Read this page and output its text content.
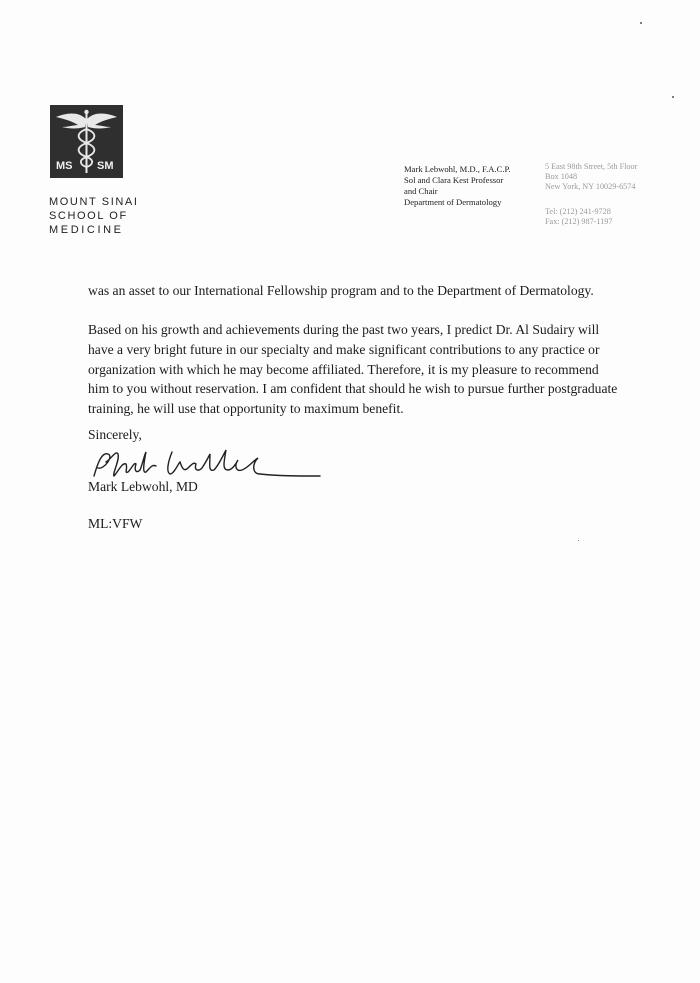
MS SM
MOUNT SINAI
SCHOOL OF
MEDICINE
Mark Lebwohl, M.D., F.A.C.P.
Sol and Clara Kest Professor
and Chair
Department of Dermatology
5 East 98th Street, 5th Floor
Box 1048
New York, NY 10029-6574
Tel: (212) 241-9728
Fax: (212) 987-1197
was an asset to our International Fellowship program and to the Department of Dermatology.
Based on his growth and achievements during the past two years, I predict Dr. Al Sudairy will
have a very bright future in our specialty and make significant contributions to any practice or
organization with which he may become affiliated. Therefore, it is my pleasure to recommend
him to you without reservation. I am confident that should he wish to pursue further postgraduate
training, he will use that opportunity to maximum benefit.
Sincerely,
Mark Lebwohl, MD
ML:VFW
